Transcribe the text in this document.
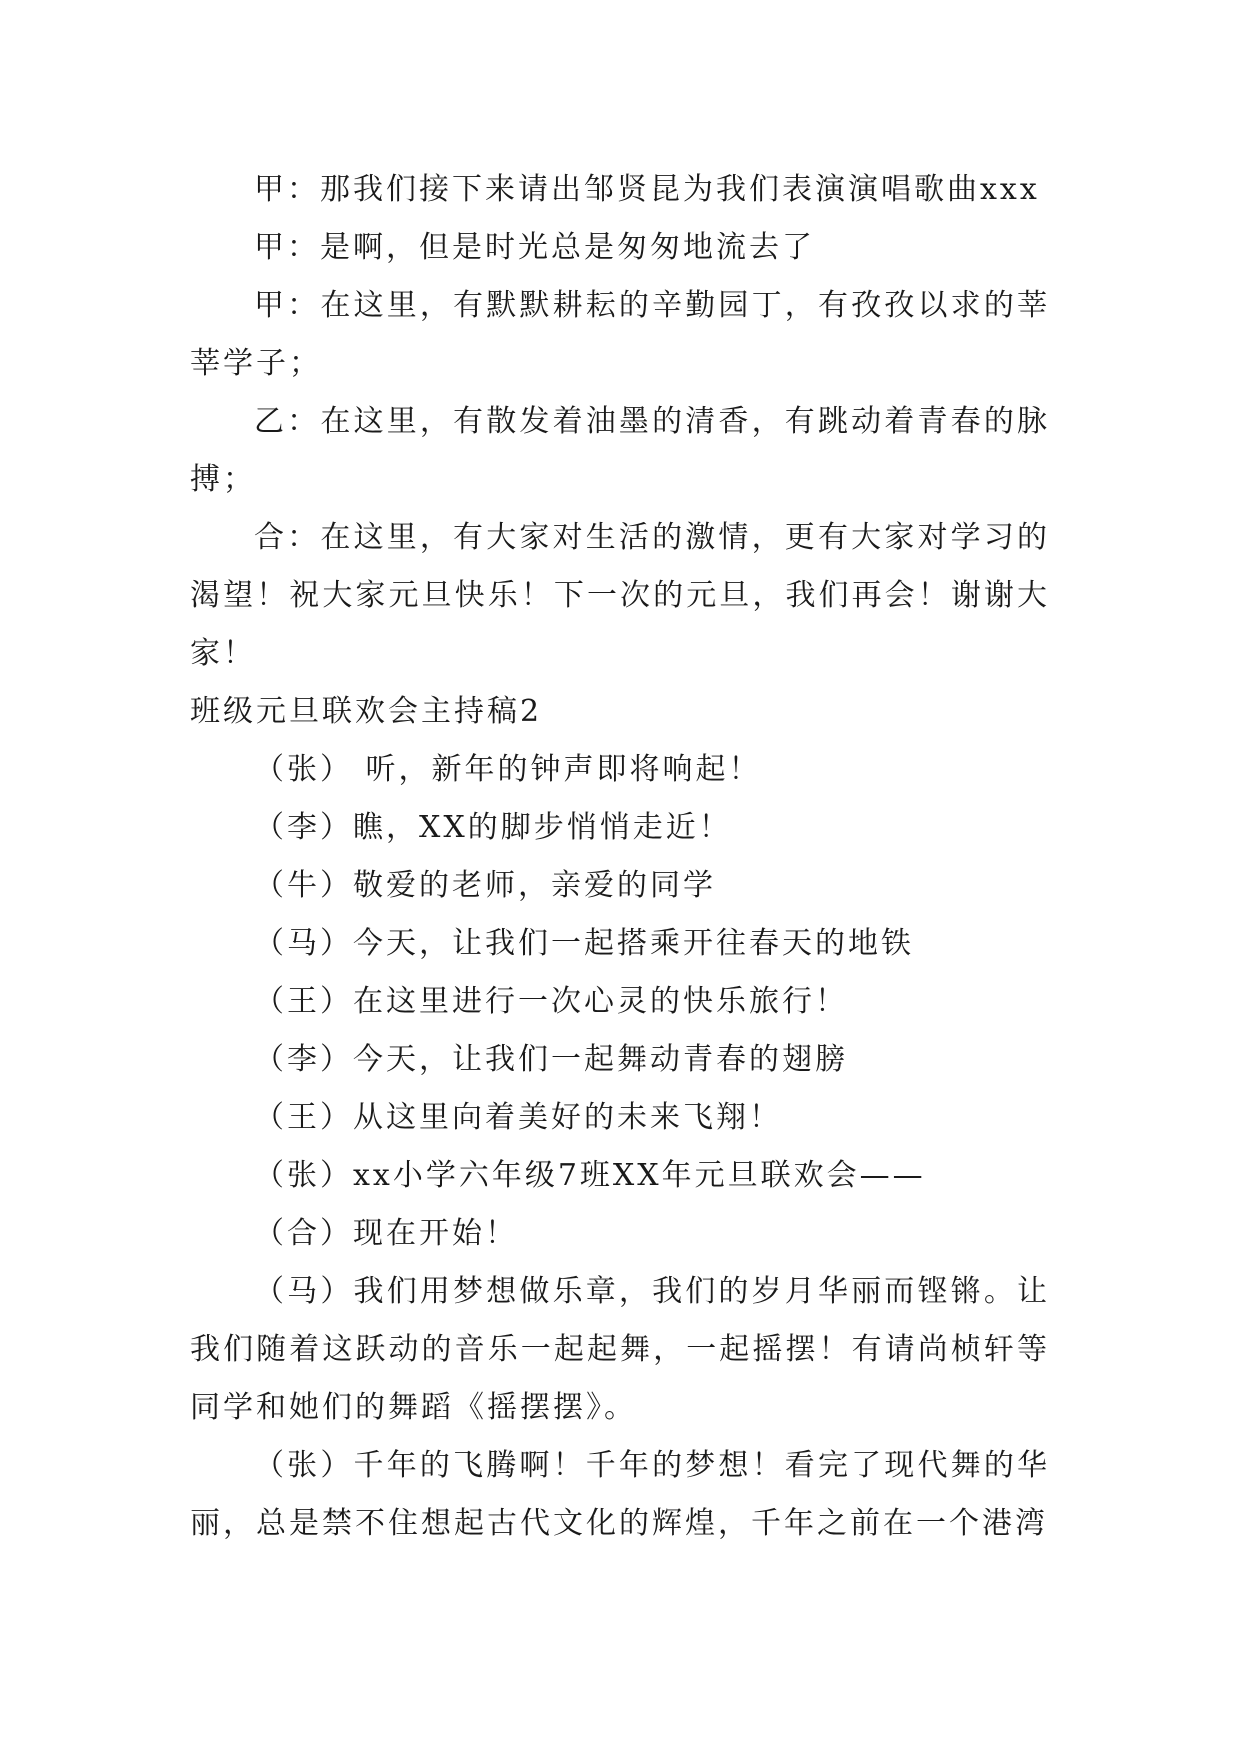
甲：那我们接下来请出邹贤昆为我们表演演唱歌曲xxx

甲：是啊，但是时光总是匆匆地流去了

甲：在这里，有默默耕耘的辛勤园丁，有孜孜以求的莘莘学子；

乙：在这里，有散发着油墨的清香，有跳动着青春的脉搏；

合：在这里，有大家对生活的激情，更有大家对学习的渴望！祝大家元旦快乐！下一次的元旦，我们再会！谢谢大家！

班级元旦联欢会主持稿2

（张） 听，新年的钟声即将响起！

（李）瞧，XX的脚步悄悄走近！

（牛）敬爱的老师，亲爱的同学

（马）今天，让我们一起搭乘开往春天的地铁

（王）在这里进行一次心灵的快乐旅行！

（李）今天，让我们一起舞动青春的翅膀

（王）从这里向着美好的未来飞翔！

（张）xx小学六年级7班XX年元旦联欢会——

（合）现在开始！

（马）我们用梦想做乐章，我们的岁月华丽而铿锵。让我们随着这跃动的音乐一起起舞，一起摇摆！有请尚桢轩等同学和她们的舞蹈《摇摆摆》。

（张）千年的飞腾啊！千年的梦想！看完了现代舞的华丽，总是禁不住想起古代文化的辉煌，千年之前在一个港湾
